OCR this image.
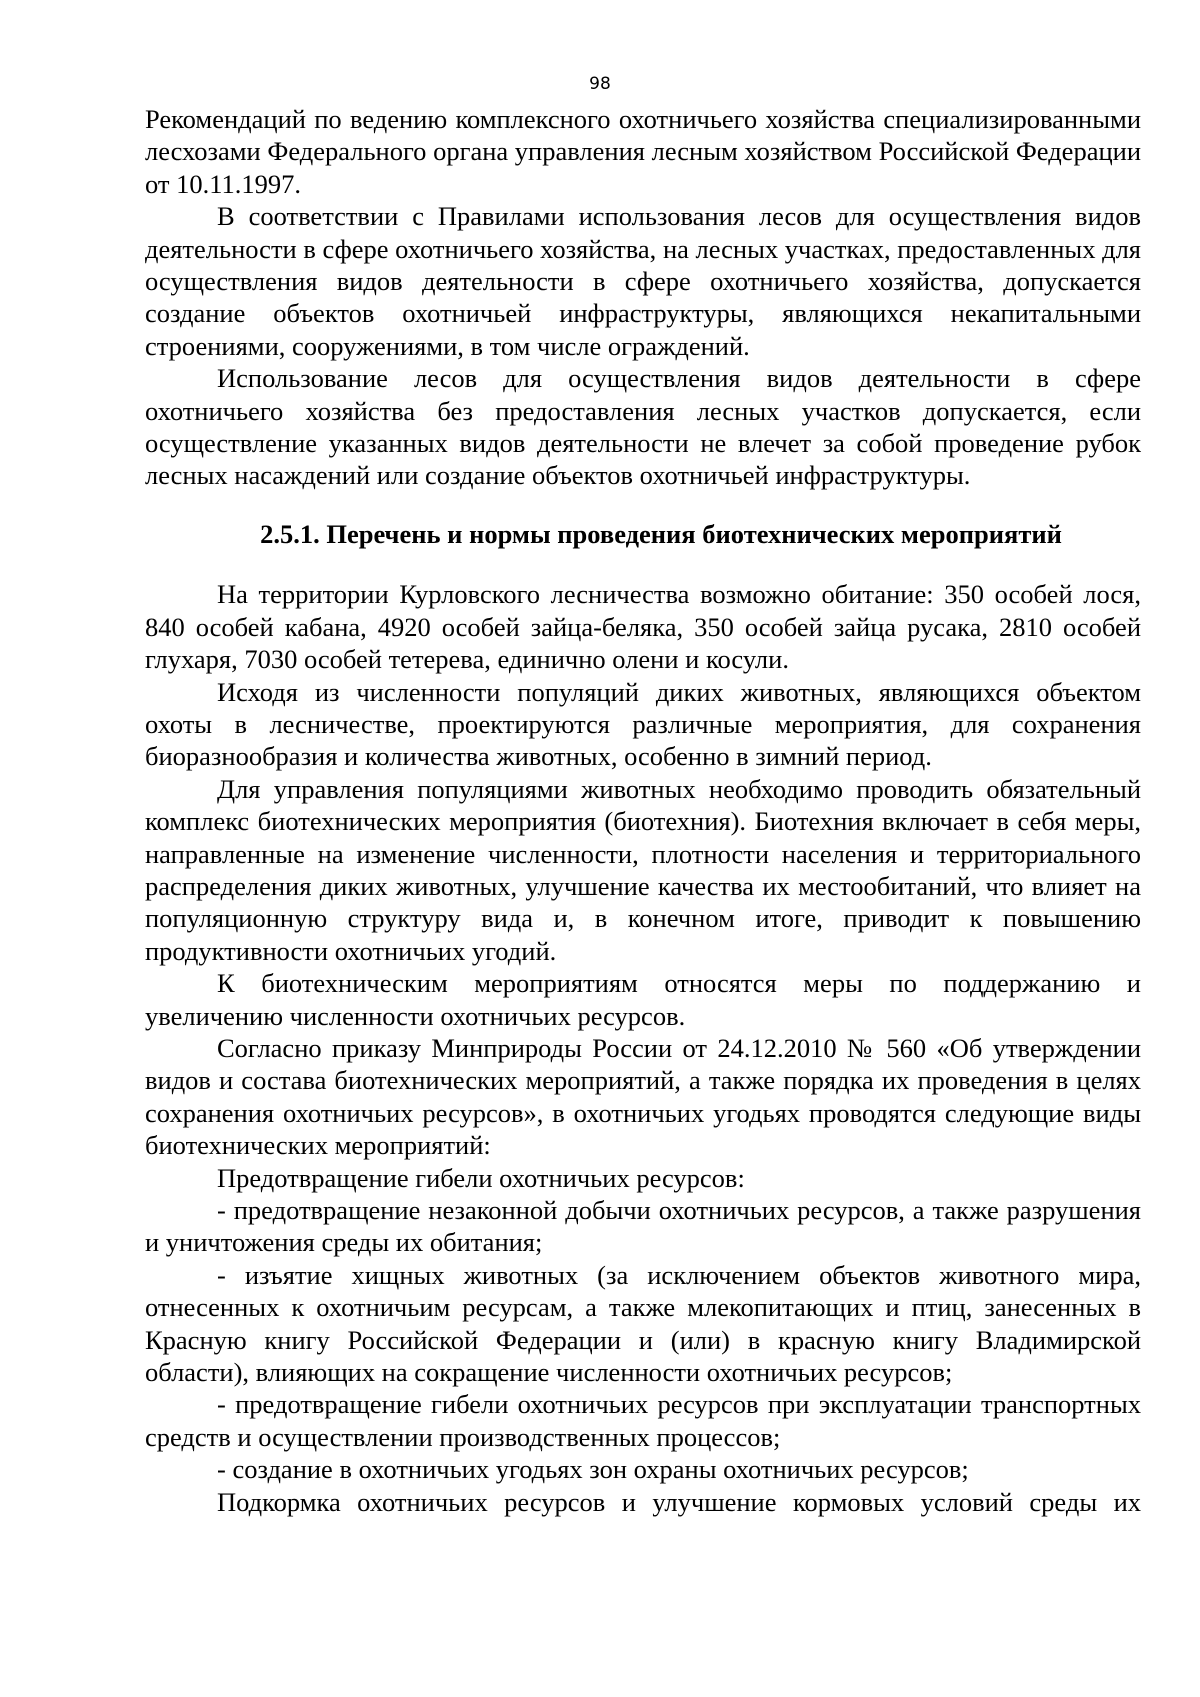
98

Рекомендаций по ведению комплексного охотничьего хозяйства специализированными лесхозами Федерального органа управления лесным хозяйством Российской Федерации от 10.11.1997.

В соответствии с Правилами использования лесов для осуществления видов деятельности в сфере охотничьего хозяйства, на лесных участках, предоставленных для осуществления видов деятельности в сфере охотничьего хозяйства, допускается создание объектов охотничьей инфраструктуры, являющихся некапитальными строениями, сооружениями, в том числе ограждений.

Использование лесов для осуществления видов деятельности в сфере охотничьего хозяйства без предоставления лесных участков допускается, если осуществление указанных видов деятельности не влечет за собой проведение рубок лесных насаждений или создание объектов охотничьей инфраструктуры.

2.5.1. Перечень и нормы проведения биотехнических мероприятий

На территории Курловского лесничества возможно обитание: 350 особей лося, 840 особей кабана, 4920 особей зайца-беляка, 350 особей зайца русака, 2810 особей глухаря, 7030 особей тетерева, единично олени и косули.

Исходя из численности популяций диких животных, являющихся объектом охоты в лесничестве, проектируются различные мероприятия, для сохранения биоразнообразия и количества животных, особенно в зимний период.

Для управления популяциями животных необходимо проводить обязательный комплекс биотехнических мероприятия (биотехния). Биотехния включает в себя меры, направленные на изменение численности, плотности населения и территориального распределения диких животных, улучшение качества их местообитаний, что влияет на популяционную структуру вида и, в конечном итоге, приводит к повышению продуктивности охотничьих угодий.

К биотехническим мероприятиям относятся меры по поддержанию и увеличению численности охотничьих ресурсов.

Согласно приказу Минприроды России от 24.12.2010 № 560 «Об утверждении видов и состава биотехнических мероприятий, а также порядка их проведения в целях сохранения охотничьих ресурсов», в охотничьих угодьях проводятся следующие виды биотехнических мероприятий:

Предотвращение гибели охотничьих ресурсов:

- предотвращение незаконной добычи охотничьих ресурсов, а также разрушения и уничтожения среды их обитания;

- изъятие хищных животных (за исключением объектов животного мира, отнесенных к охотничьим ресурсам, а также млекопитающих и птиц, занесенных в Красную книгу Российской Федерации и (или) в красную книгу Владимирской области), влияющих на сокращение численности охотничьих ресурсов;

- предотвращение гибели охотничьих ресурсов при эксплуатации транспортных средств и осуществлении производственных процессов;

- создание в охотничьих угодьях зон охраны охотничьих ресурсов;

Подкормка охотничьих ресурсов и улучшение кормовых условий среды их
